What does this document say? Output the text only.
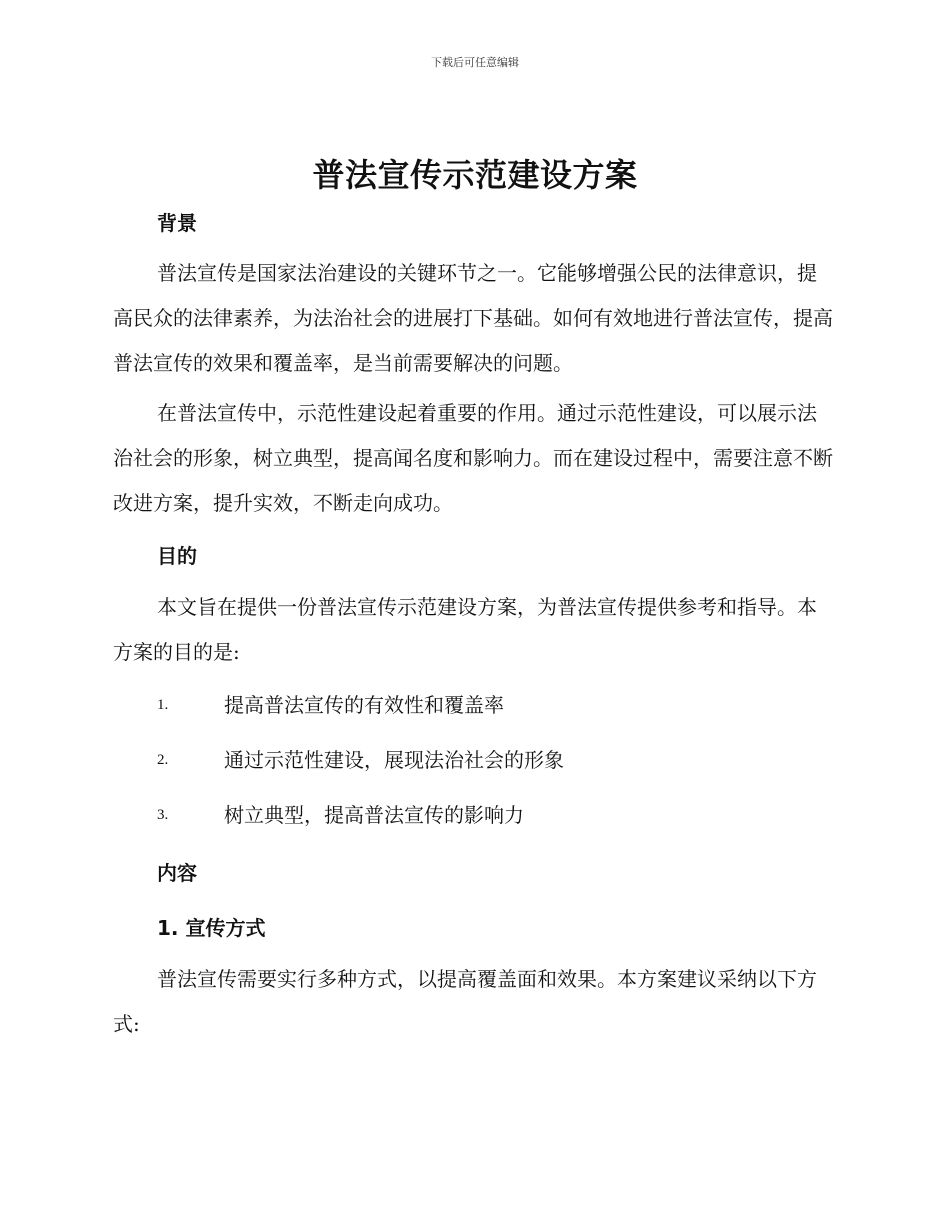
下载后可任意编辑
普法宣传示范建设方案
背景
普法宣传是国家法治建设的关键环节之一。它能够增强公民的法律意识，提高民众的法律素养，为法治社会的进展打下基础。如何有效地进行普法宣传，提高普法宣传的效果和覆盖率，是当前需要解决的问题。
在普法宣传中，示范性建设起着重要的作用。通过示范性建设，可以展示法治社会的形象，树立典型，提高闻名度和影响力。而在建设过程中，需要注意不断改进方案，提升实效，不断走向成功。
目的
本文旨在提供一份普法宣传示范建设方案，为普法宣传提供参考和指导。本方案的目的是:
1.	提高普法宣传的有效性和覆盖率
2.	通过示范性建设，展现法治社会的形象
3.	树立典型，提高普法宣传的影响力
内容
1. 宣传方式
普法宣传需要实行多种方式，以提高覆盖面和效果。本方案建议采纳以下方式:
